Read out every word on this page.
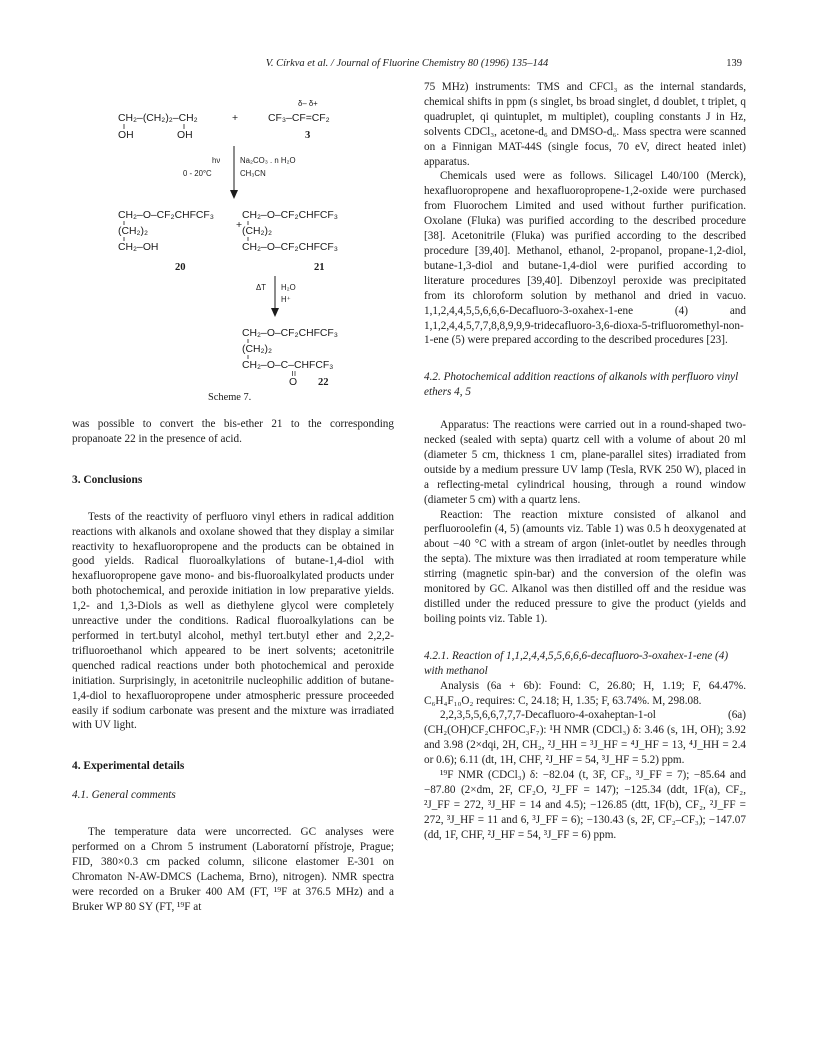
V. Církva et al. / Journal of Fluorine Chemistry 80 (1996) 135–144	139
CH₂–(CH₂)₂–CH₂
OH	OH
+
δ– δ+
CF₃–CF=CF₂
3
hν
0 - 20°C
Na₂CO₃ . n H₂O
CH₃CN
CH₂–O–CF₂CHFCF₃
(CH₂)₂
CH₂–OH
20
+
CH₂–O–CF₂CHFCF₃
(CH₂)₂
CH₂–O–CF₂CHFCF₃
21
ΔT H₂O
H⁺
CH₂–O–CF₂CHFCF₃
(CH₂)₂
CH₂–O–C–CHFCF₃
O 22
Scheme 7.

was possible to convert the bis-ether 21 to the corresponding propanoate 22 in the presence of acid.

3. Conclusions

Tests of the reactivity of perfluoro vinyl ethers in radical addition reactions with alkanols and oxolane showed that they display a similar reactivity to hexafluoropropene and the products can be obtained in good yields. Radical fluoroalkylations of butane-1,4-diol with hexafluoropropene gave mono- and bis-fluoroalkylated products under both photochemical, and peroxide initiation in low preparative yields. 1,2- and 1,3-Diols as well as diethylene glycol were completely unreactive under the conditions. Radical fluoroalkylations can be performed in tert.butyl alcohol, methyl tert.butyl ether and 2,2,2-trifluoroethanol which appeared to be inert solvents; acetonitrile quenched radical reactions under both photochemical and peroxide initiation. Surprisingly, in acetonitrile nucleophilic addition of butane-1,4-diol to hexafluoropropene under atmospheric pressure proceeded easily if sodium carbonate was present and the mixture was irradiated with UV light.

4. Experimental details
4.1. General comments

The temperature data were uncorrected. GC analyses were performed on a Chrom 5 instrument (Laboratorní přístroje, Prague; FID, 380×0.3 cm packed column, silicone elastomer E-301 on Chromaton N-AW-DMCS (Lachema, Brno), nitrogen). NMR spectra were recorded on a Bruker 400 AM (FT, ¹⁹F at 376.5 MHz) and a Bruker WP 80 SY (FT, ¹⁹F at

75 MHz) instruments: TMS and CFCl₃ as the internal standards, chemical shifts in ppm (s singlet, bs broad singlet, d doublet, t triplet, q quadruplet, qi quintuplet, m multiplet), coupling constants J in Hz, solvents CDCl₃, acetone-d₆ and DMSO-d₆. Mass spectra were scanned on a Finnigan MAT-44S (single focus, 70 eV, direct heated inlet) apparatus.

Chemicals used were as follows. Silicagel L40/100 (Merck), hexafluoropropene and hexafluoropropene-1,2-oxide were purchased from Fluorochem Limited and used without further purification. Oxolane (Fluka) was purified according to the described procedure [38]. Acetonitrile (Fluka) was purified according to the described procedure [39,40]. Methanol, ethanol, 2-propanol, propane-1,2-diol, butane-1,3-diol and butane-1,4-diol were purified according to literature procedures [39,40]. Dibenzoyl peroxide was precipitated from its chloroform solution by methanol and dried in vacuo. 1,1,2,4,4,5,5,6,6,6-Decafluoro-3-oxahex-1-ene (4) and 1,1,2,4,4,5,7,7,8,8,9,9,9-tridecafluoro-3,6-dioxa-5-trifluoromethyl-non-1-ene (5) were prepared according to the described procedures [23].

4.2. Photochemical addition reactions of alkanols with perfluoro vinyl ethers 4, 5

Apparatus: The reactions were carried out in a round-shaped two-necked (sealed with septa) quartz cell with a volume of about 20 ml (diameter 5 cm, thickness 1 cm, plane-parallel sites) irradiated from outside by a medium pressure UV lamp (Tesla, RVK 250 W), placed in a reflecting-metal cylindrical housing, through a round window (diameter 5 cm) with a quartz lens.

Reaction: The reaction mixture consisted of alkanol and perfluoroolefin (4, 5) (amounts viz. Table 1) was 0.5 h deoxygenated at about −40 °C with a stream of argon (inlet-outlet by needles through the septa). The mixture was then irradiated at room temperature while stirring (magnetic spin-bar) and the conversion of the olefin was monitored by GC. Alkanol was then distilled off and the residue was distilled under the reduced pressure to give the product (yields and boiling points viz. Table 1).

4.2.1. Reaction of 1,1,2,4,4,5,5,6,6,6-decafluoro-3-oxahex-1-ene (4) with methanol

Analysis (6a + 6b): Found: C, 26.80; H, 1.19; F, 64.47%. C₆H₄F₁₀O₂ requires: C, 24.18; H, 1.35; F, 63.74%. M, 298.08.

2,2,3,5,5,6,6,7,7,7-Decafluoro-4-oxaheptan-1-ol (6a) (CH₂(OH)CF₂CHFOC₃F₇): ¹H NMR (CDCl₃) δ: 3.46 (s, 1H, OH); 3.92 and 3.98 (2×dqi, 2H, CH₂, ²J_HH = ³J_HF = ⁴J_HF = 13, ⁴J_HH = 2.4 or 0.6); 6.11 (dt, 1H, CHF, ²J_HF = 54, ³J_HF = 5.2) ppm.

¹⁹F NMR (CDCl₃) δ: −82.04 (t, 3F, CF₃, ³J_FF = 7); −85.64 and −87.80 (2×dm, 2F, CF₂O, ²J_FF = 147); −125.34 (ddt, 1F(a), CF₂, ²J_FF = 272, ³J_HF = 14 and 4.5); −126.85 (dtt, 1F(b), CF₂, ²J_FF = 272, ³J_HF = 11 and 6, ³J_FF = 6); −130.43 (s, 2F, CF₂–CF₃); −147.07 (dd, 1F, CHF, ²J_HF = 54, ³J_FF = 6) ppm.
